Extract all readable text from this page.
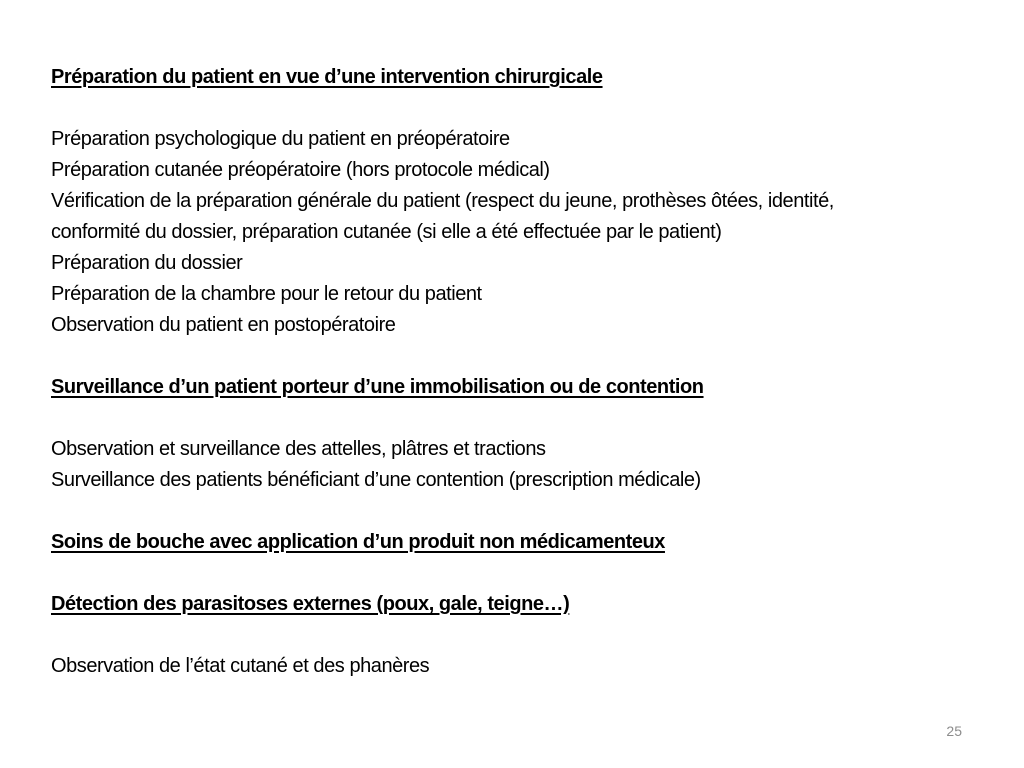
Préparation du patient en vue d’une intervention chirurgicale

Préparation psychologique du patient en préopératoire

Préparation cutanée préopératoire (hors protocole médical)

Vérification de la préparation générale du patient (respect du jeune, prothèses ôtées, identité,

conformité du dossier, préparation cutanée (si elle a été effectuée par le patient)

Préparation du dossier

Préparation de la chambre pour le retour du patient

Observation du patient en postopératoire

Surveillance d’un patient porteur d’une immobilisation ou de contention

Observation et surveillance des attelles, plâtres et tractions

Surveillance des patients bénéficiant d’une contention (prescription médicale)

Soins de bouche avec application d’un produit non médicamenteux

Détection des parasitoses externes (poux, gale, teigne…)

Observation de l’état cutané et des phanères

25
